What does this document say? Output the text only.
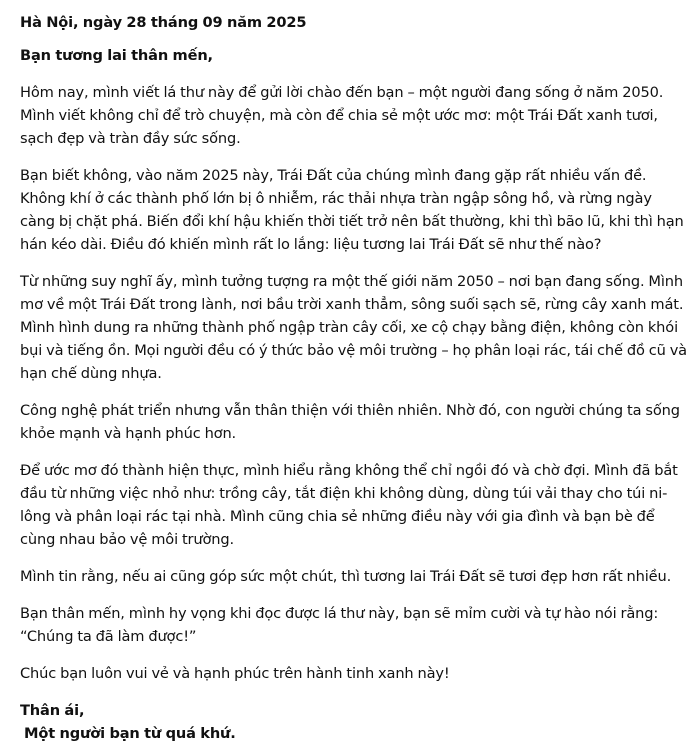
Hà Nội, ngày 28 tháng 09 năm 2025

Bạn tương lai thân mến,

Hôm nay, mình viết lá thư này để gửi lời chào đến bạn – một người đang sống ở năm 2050. Mình viết không chỉ để trò chuyện, mà còn để chia sẻ một ước mơ: một Trái Đất xanh tươi, sạch đẹp và tràn đầy sức sống.

Bạn biết không, vào năm 2025 này, Trái Đất của chúng mình đang gặp rất nhiều vấn đề. Không khí ở các thành phố lớn bị ô nhiễm, rác thải nhựa tràn ngập sông hồ, và rừng ngày càng bị chặt phá. Biến đổi khí hậu khiến thời tiết trở nên bất thường, khi thì bão lũ, khi thì hạn hán kéo dài. Điều đó khiến mình rất lo lắng: liệu tương lai Trái Đất sẽ như thế nào?

Từ những suy nghĩ ấy, mình tưởng tượng ra một thế giới năm 2050 – nơi bạn đang sống. Mình mơ về một Trái Đất trong lành, nơi bầu trời xanh thẳm, sông suối sạch sẽ, rừng cây xanh mát. Mình hình dung ra những thành phố ngập tràn cây cối, xe cộ chạy bằng điện, không còn khói bụi và tiếng ồn. Mọi người đều có ý thức bảo vệ môi trường – họ phân loại rác, tái chế đồ cũ và hạn chế dùng nhựa.

Công nghệ phát triển nhưng vẫn thân thiện với thiên nhiên. Nhờ đó, con người chúng ta sống khỏe mạnh và hạnh phúc hơn.

Để ước mơ đó thành hiện thực, mình hiểu rằng không thể chỉ ngồi đó và chờ đợi. Mình đã bắt đầu từ những việc nhỏ như: trồng cây, tắt điện khi không dùng, dùng túi vải thay cho túi ni-lông và phân loại rác tại nhà. Mình cũng chia sẻ những điều này với gia đình và bạn bè để cùng nhau bảo vệ môi trường.

Mình tin rằng, nếu ai cũng góp sức một chút, thì tương lai Trái Đất sẽ tươi đẹp hơn rất nhiều.

Bạn thân mến, mình hy vọng khi đọc được lá thư này, bạn sẽ mỉm cười và tự hào nói rằng: “Chúng ta đã làm được!”

Chúc bạn luôn vui vẻ và hạnh phúc trên hành tinh xanh này!

Thân ái,

Một người bạn từ quá khứ.
